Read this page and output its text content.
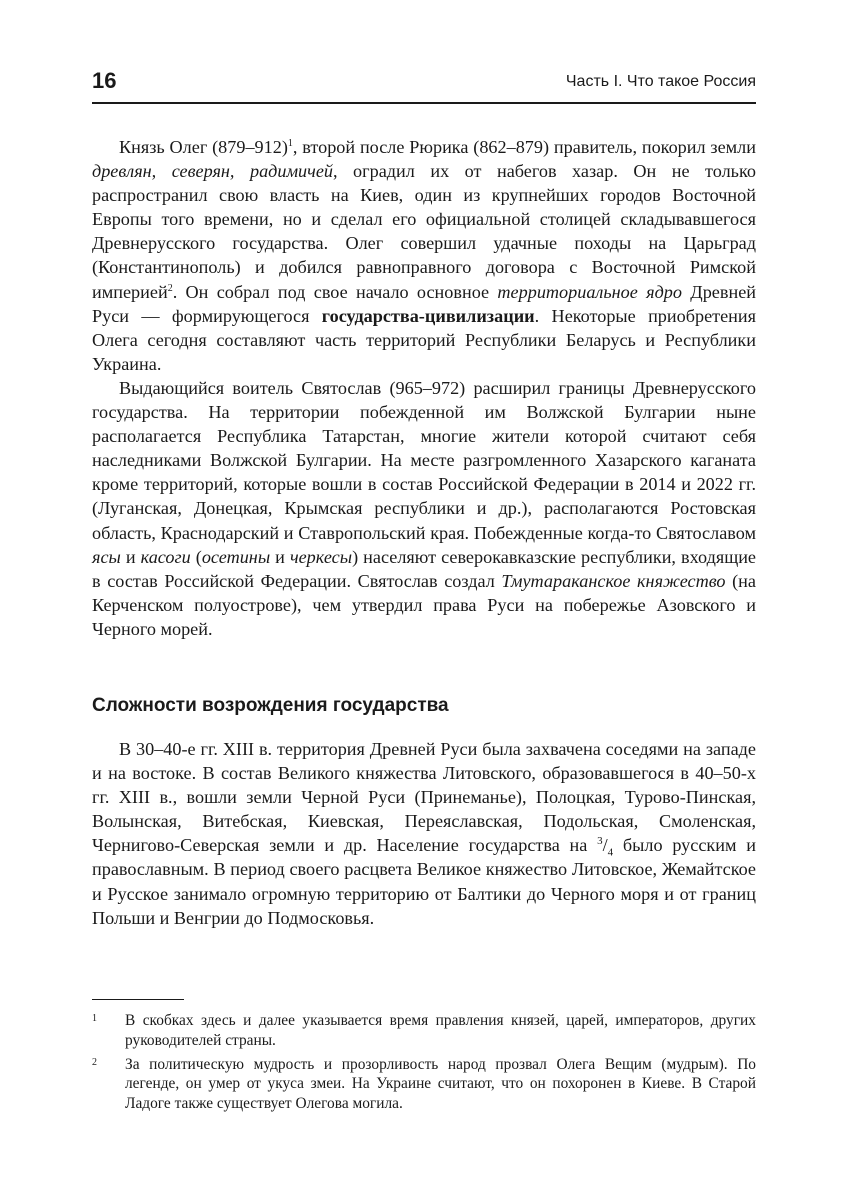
16	Часть I. Что такое Россия

Князь Олег (879–912)$^1$, второй после Рюрика (862–879) правитель, покорил земли древлян, северян, радимичей, оградил их от набегов хазар. Он не только распространил свою власть на Киев, один из крупнейших городов Восточной Европы того времени, но и сделал его официальной столицей складывавшегося Древнерусского государства. Олег совершил удачные походы на Царьград (Константинополь) и добился равноправного договора с Восточной Римской империей$^2$. Он собрал под свое начало основное территориальное ядро Древней Руси — формирующегося государства-цивилизации. Некоторые приобретения Олега сегодня составляют часть территорий Республики Беларусь и Республики Украина.

Выдающийся воитель Святослав (965–972) расширил границы Древнерусского государства. На территории побежденной им Волжской Булгарии ныне располагается Республика Татарстан, многие жители которой считают себя наследниками Волжской Булгарии. На месте разгромленного Хазарского каганата кроме территорий, которые вошли в состав Российской Федерации в 2014 и 2022 гг. (Луганская, Донецкая, Крымская республики и др.), располагаются Ростовская область, Краснодарский и Ставропольский края. Побежденные когда-то Святославом ясы и касоги (осетины и черкесы) населяют северокавказские республики, входящие в состав Российской Федерации. Святослав создал Тмутараканское княжество (на Керченском полуострове), чем утвердил права Руси на побережье Азовского и Черного морей.

Сложности возрождения государства

В 30–40-е гг. XIII в. территория Древней Руси была захвачена соседями на западе и на востоке. В состав Великого княжества Литовского, образовавшегося в 40–50-х гг. XIII в., вошли земли Черной Руси (Принеманье), Полоцкая, Турово-Пинская, Волынская, Витебская, Киевская, Переяславская, Подольская, Смоленская, Чернигово-Северская земли и др. Население государства на $^3/_4$ было русским и православным. В период своего расцвета Великое княжество Литовское, Жемайтское и Русское занимало огромную территорию от Балтики до Черного моря и от границ Польши и Венгрии до Подмосковья.

1 В скобках здесь и далее указывается время правления князей, царей, императоров, других руководителей страны.
2 За политическую мудрость и прозорливость народ прозвал Олега Вещим (мудрым). По легенде, он умер от укуса змеи. На Украине считают, что он похоронен в Киеве. В Старой Ладоге также существует Олегова могила.
